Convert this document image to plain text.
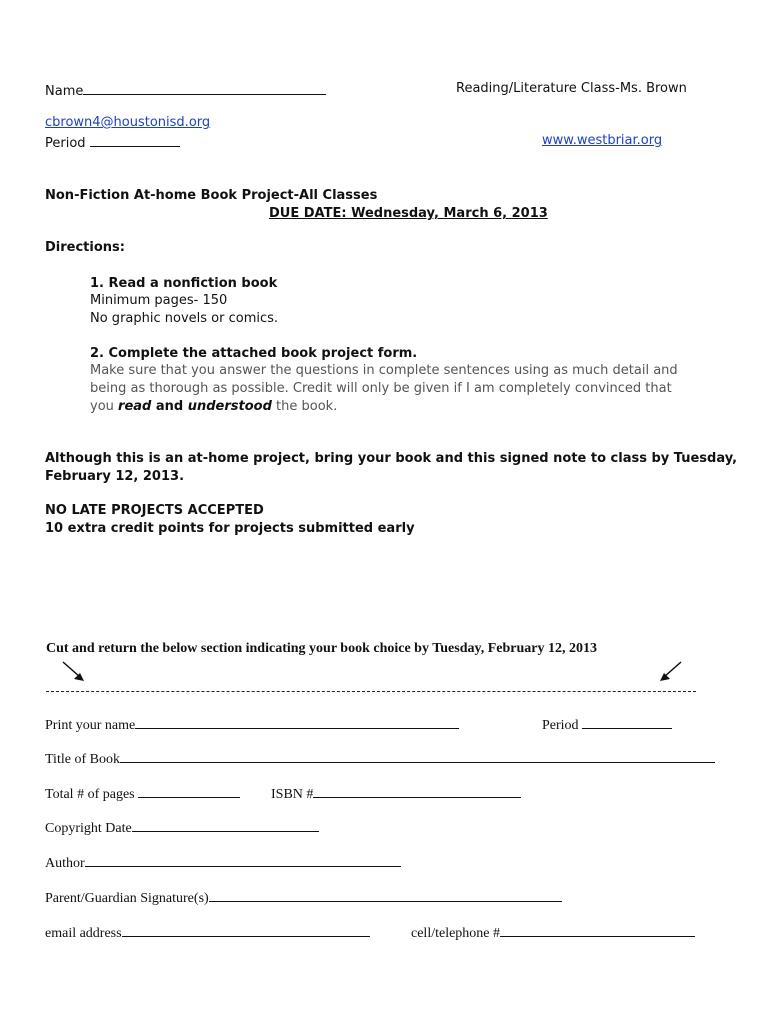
Name	Reading/Literature Class-Ms. Brown
cbrown4@houstonisd.org
Period	www.westbriar.org
Non-Fiction At-home Book Project-All Classes
DUE DATE: Wednesday, March 6, 2013
Directions:
1. Read a nonfiction book
Minimum pages- 150
No graphic novels or comics.
2. Complete the attached book project form.
Make sure that you answer the questions in complete sentences using as much detail and
being as thorough as possible. Credit will only be given if I am completely convinced that
you read and understood the book.
Although this is an at-home project, bring your book and this signed note to class by Tuesday,
February 12, 2013.
NO LATE PROJECTS ACCEPTED
10 extra credit points for projects submitted early
Cut and return the below section indicating your book choice by Tuesday, February 12, 2013
Print your name	Period
Title of Book
Total # of pages	ISBN #
Copyright Date
Author
Parent/Guardian Signature(s)
email address	cell/telephone #
